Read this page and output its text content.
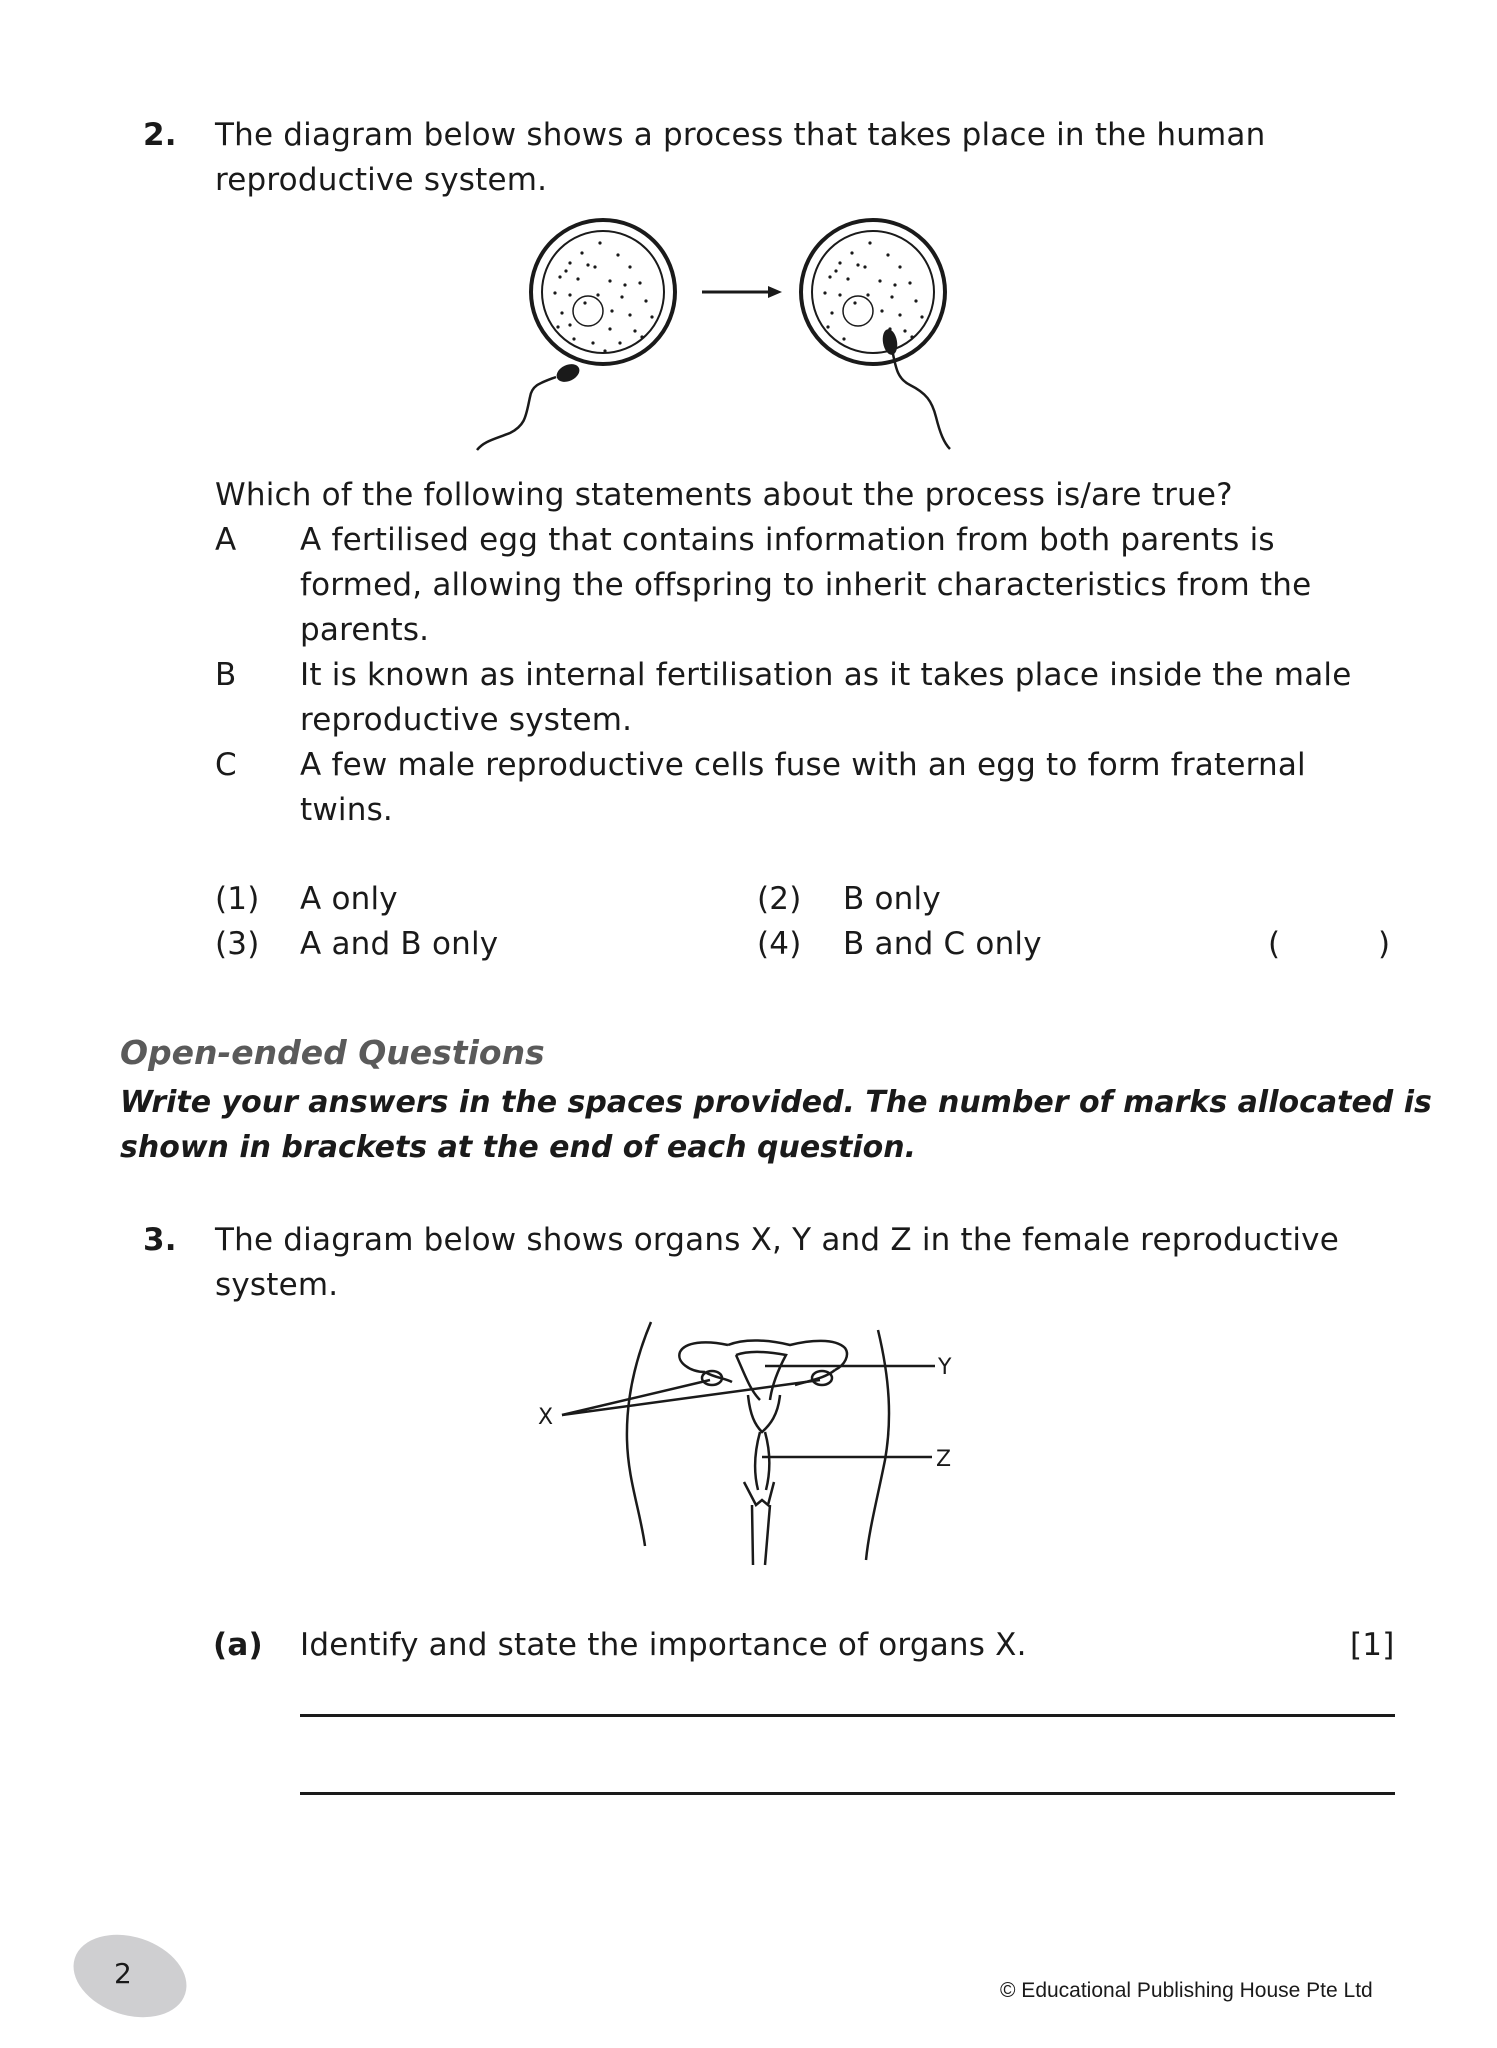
2. The diagram below shows a process that takes place in the human
reproductive system.
Which of the following statements about the process is/are true?
A A fertilised egg that contains information from both parents is
formed, allowing the offspring to inherit characteristics from the
parents.
B It is known as internal fertilisation as it takes place inside the male
reproductive system.
C A few male reproductive cells fuse with an egg to form fraternal
twins.
(1) A only	(2) B only
(3) A and B only	(4) B and C only	(	)
Open-ended Questions
Write your answers in the spaces provided. The number of marks allocated is
shown in brackets at the end of each question.
3. The diagram below shows organs X, Y and Z in the female reproductive
system.
X
Y
Z
(a) Identify and state the importance of organs X.	[1]
2
© Educational Publishing House Pte Ltd
